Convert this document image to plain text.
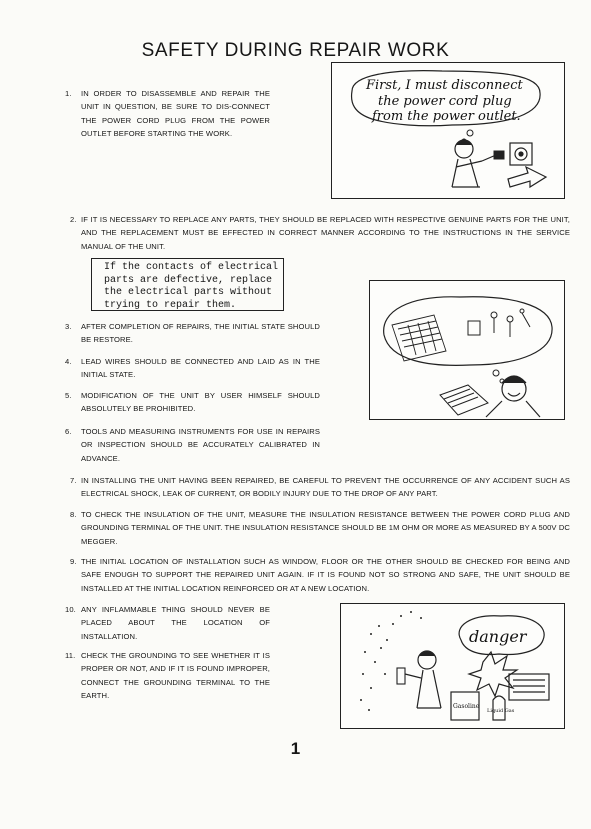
SAFETY DURING REPAIR WORK
1. IN ORDER TO DISASSEMBLE AND REPAIR THE UNIT IN QUESTION, BE SURE TO DIS-CONNECT THE POWER CORD PLUG FROM THE POWER OUTLET BEFORE STARTING THE WORK.
First, I must disconnect
the power cord plug
from the power outlet.
2. IF IT IS NECESSARY TO REPLACE ANY PARTS, THEY SHOULD BE REPLACED WITH RESPECTIVE GENUINE PARTS FOR THE UNIT, AND THE REPLACEMENT MUST BE EFFECTED IN CORRECT MANNER ACCORDING TO THE INSTRUCTIONS IN THE SERVICE MANUAL OF THE UNIT.
If the contacts of electrical
parts are defective, replace
the electrical parts without
trying to repair them.
3. AFTER COMPLETION OF REPAIRS, THE INITIAL STATE SHOULD BE RESTORE.
4. LEAD WIRES SHOULD BE CONNECTED AND LAID AS IN THE INITIAL STATE.
5. MODIFICATION OF THE UNIT BY USER HIMSELF SHOULD ABSOLUTELY BE PROHIBITED.
6. TOOLS AND MEASURING INSTRUMENTS FOR USE IN REPAIRS OR INSPECTION SHOULD BE ACCURATELY CALIBRATED IN ADVANCE.
7. IN INSTALLING THE UNIT HAVING BEEN REPAIRED, BE CAREFUL TO PREVENT THE OCCURRENCE OF ANY ACCIDENT SUCH AS ELECTRICAL SHOCK, LEAK OF CURRENT, OR BODILY INJURY DUE TO THE DROP OF ANY PART.
8. TO CHECK THE INSULATION OF THE UNIT, MEASURE THE INSULATION RESISTANCE BETWEEN THE POWER CORD PLUG AND GROUNDING TERMINAL OF THE UNIT. THE INSULATION RESISTANCE SHOULD BE 1M OHM OR MORE AS MEASURED BY A 500V DC MEGGER.
9. THE INITIAL LOCATION OF INSTALLATION SUCH AS WINDOW, FLOOR OR THE OTHER SHOULD BE CHECKED FOR BEING AND SAFE ENOUGH TO SUPPORT THE REPAIRED UNIT AGAIN. IF IT IS FOUND NOT SO STRONG AND SAFE, THE UNIT SHOULD BE INSTALLED AT THE INITIAL LOCATION REINFORCED OR AT A NEW LOCATION.
10. ANY INFLAMMABLE THING SHOULD NEVER BE PLACED ABOUT THE LOCATION OF INSTALLATION.
11. CHECK THE GROUNDING TO SEE WHETHER IT IS PROPER OR NOT, AND IF IT IS FOUND IMPROPER, CONNECT THE GROUNDING TERMINAL TO THE EARTH.
danger
Gasoline
Liquid Gas
1
